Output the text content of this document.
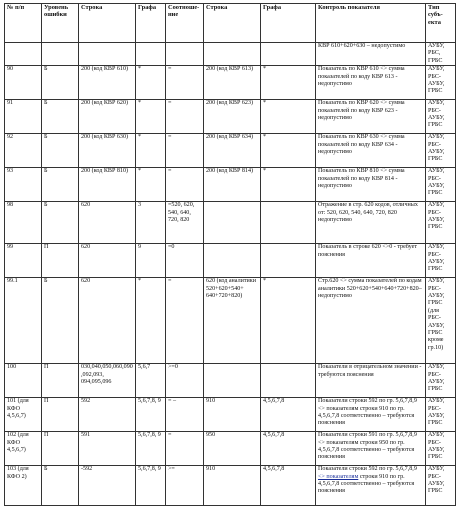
№ п/п	Уровень ошибки	Строка	Графа	Соотношение	Строка	Графа	Контроль показателя	Тип субъекта
							КВР 610+620+630 – недопустимо	АУБУ, РБС, ГРБС
90	Б	200 (код КВР 610)	*	=	200 (код КВР 613)	*	Показатель по КВР 610 <> сумма показателей по коду КВР 613 - недопустимо	АУБУ, РБС-АУБУ, ГРБС
91	Б	200 (код КВР 620)	*	=	200 (код КВР 623)	*	Показатель по КВР 620 <> сумма показателей по коду КВР 623 - недопустимо	АУБУ, РБС-АУБУ, ГРБС
92	Б	200 (код КВР 630)	*	=	200 (код КВР 634)	*	Показатель по КВР 630 <> сумма показателей по коду КВР 634 - недопустимо	АУБУ, РБС-АУБУ, ГРБС
93	Б	200 (код КВР 810)	*	=	200 (код КВР 814)	*	Показатель по КВР 810 <> сумма показателей по коду КВР 814 - недопустимо	АУБУ, РБС-АУБУ, ГРБС
98	Б	620	3	=520, 620, 540, 640, 720, 820			Отражение в стр. 620 кодов, отличных от: 520, 620, 540, 640, 720, 820 недопустимо	АУБУ, РБС-АУБУ, ГРБС
99	П	620	9	=0			Показатель в строке 620 <>0 - требует пояснения	АУБУ, РБС-АУБУ, ГРБС
99.1	Б	620	*	=	620 (код аналитики 520+620+540+ 640+720+820)	*	Стр.620 <> сумма показателей по кодам аналитики 520+620+540+640+720+820– недопустимо	АУБУ, РБС-АУБУ, ГРБС (для РБС-АУБУ, ГРБС кроме гр.10)
100	П	030,040,050,060,090,092,093, 094,095,096	5,6,7	>=0			Показатели в отрицательном значении - требуются пояснения	АУБУ, РБС-АУБУ, ГРБС
101 (для КФО 4,5,6,7)	П	592	5,6,7,8, 9	= –	910	4,5,6,7,8	Показатели строки 592 по гр. 5,6,7,8,9 <> показателям строки 910 по гр. 4,5,6,7,8 соответственно – требуются пояснения	АУБУ, РБС-АУБУ, ГРБС
102 (для КФО 4,5,6,7)	П	591	5,6,7,8, 9	=	950	4,5,6,7,8	Показатели строки 591 по гр. 5,6,7,8,9 <> показателям строки 950 по гр. 4,5,6,7,8 соответственно – требуются пояснения	АУБУ, РБС-АУБУ, ГРБС
103 (для КФО 2)	Б	-592	5,6,7,8, 9	>=	910	4,5,6,7,8	Показатели строки 592 по гр. 5,6,7,8,9 <> показателям строки 910 по гр. 4,5,6,7,8 соответственно – требуются пояснения	АУБУ, РБС-АУБУ, ГРБС
